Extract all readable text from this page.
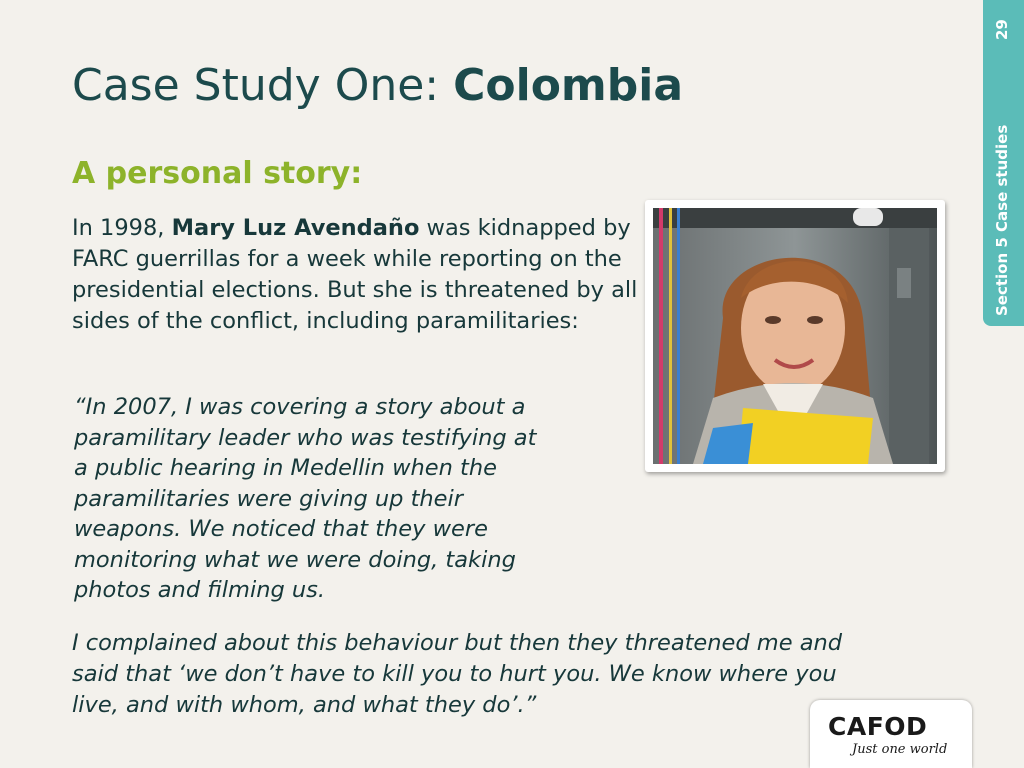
Case Study One: Colombia
A personal story:

In 1998, Mary Luz Avendaño was kidnapped by FARC guerrillas for a week while reporting on the presidential elections. But she is threatened by all sides of the conflict, including paramilitaries:

“In 2007, I was covering a story about a
paramilitary leader who was testifying at
a public hearing in Medellin when the
paramilitaries were giving up their
weapons. We noticed that they were
monitoring what we were doing, taking
photos and filming us.

I complained about this behaviour but then they threatened me and
said that ‘we don’t have to kill you to hurt you. We know where you
live, and with whom, and what they do’.”

29
Section 5 Case studies
CAFOD
Just one world
